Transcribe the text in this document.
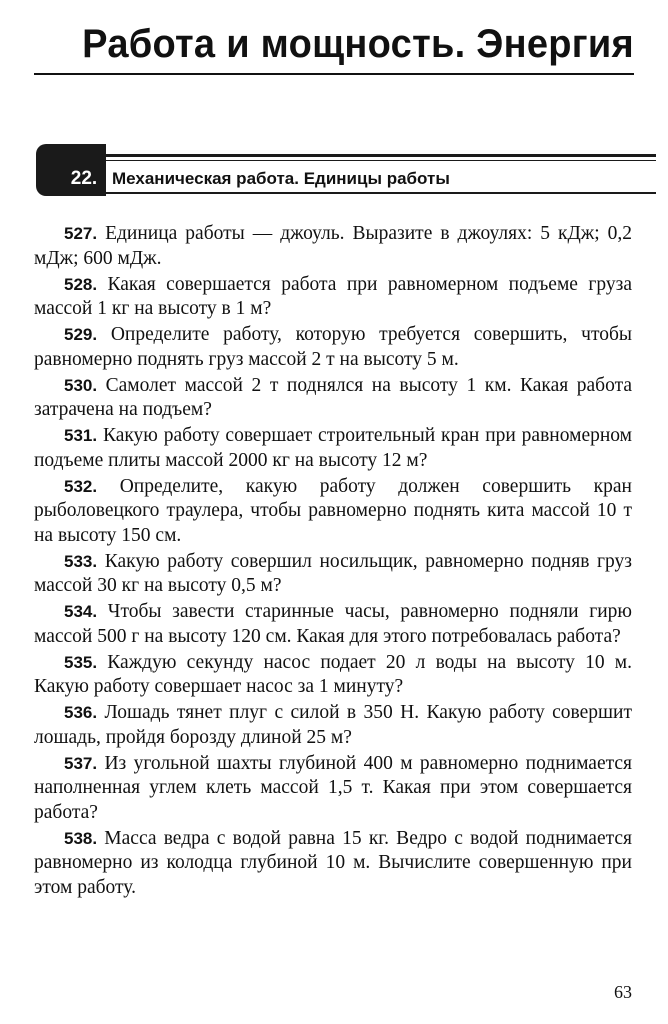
Работа и мощность. Энергия
22. Механическая работа. Единицы работы
527. Единица работы — джоуль. Выразите в джоулях: 5 кДж; 0,2 мДж; 600 мДж.
528. Какая совершается работа при равномерном подъеме груза массой 1 кг на высоту в 1 м?
529. Определите работу, которую требуется совершить, чтобы равномерно поднять груз массой 2 т на высоту 5 м.
530. Самолет массой 2 т поднялся на высоту 1 км. Какая работа затрачена на подъем?
531. Какую работу совершает строительный кран при равномерном подъеме плиты массой 2000 кг на высоту 12 м?
532. Определите, какую работу должен совершить кран рыболовецкого траулера, чтобы равномерно поднять кита массой 10 т на высоту 150 см.
533. Какую работу совершил носильщик, равномерно подняв груз массой 30 кг на высоту 0,5 м?
534. Чтобы завести старинные часы, равномерно подняли гирю массой 500 г на высоту 120 см. Какая для этого потребовалась работа?
535. Каждую секунду насос подает 20 л воды на высоту 10 м. Какую работу совершает насос за 1 минуту?
536. Лошадь тянет плуг с силой в 350 Н. Какую работу совершит лошадь, пройдя борозду длиной 25 м?
537. Из угольной шахты глубиной 400 м равномерно поднимается наполненная углем клеть массой 1,5 т. Какая при этом совершается работа?
538. Масса ведра с водой равна 15 кг. Ведро с водой поднимается равномерно из колодца глубиной 10 м. Вычислите совершенную при этом работу.
63
